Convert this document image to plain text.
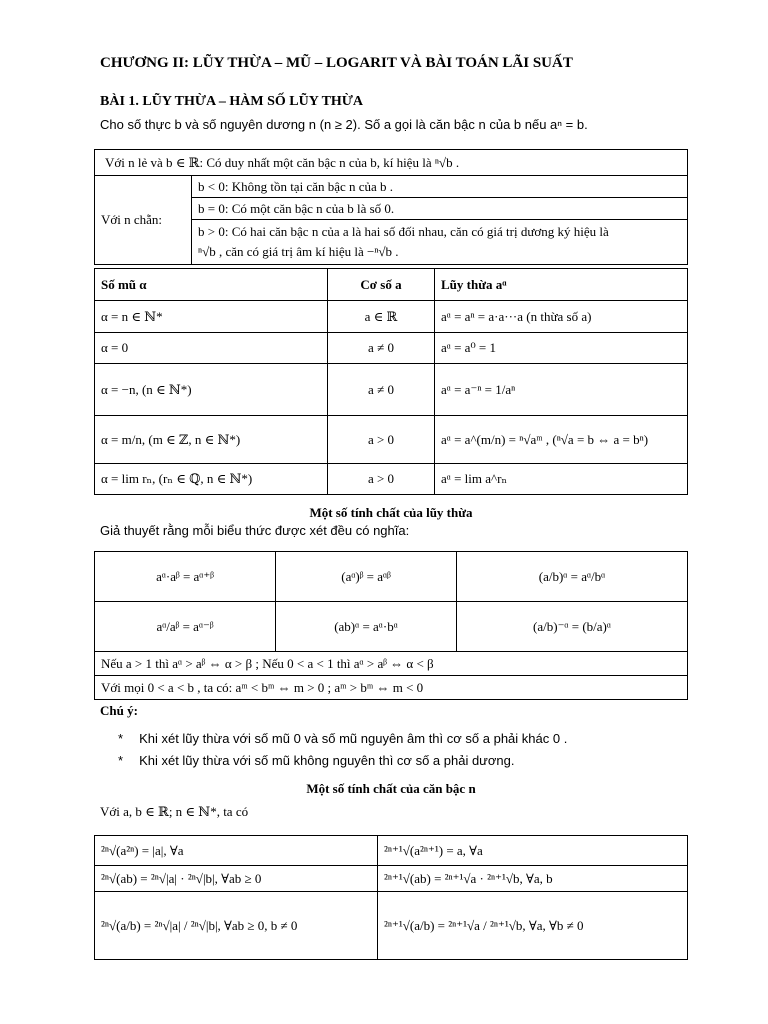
CHƯƠNG II: LŨY THỪA – MŨ – LOGARIT VÀ BÀI TOÁN LÃI SUẤT
BÀI 1. LŨY THỪA – HÀM SỐ LŨY THỪA
Cho số thực b và số nguyên dương n (n ≥ 2). Số a gọi là căn bậc n của b nếu aⁿ = b.
Với n lẻ và b ∈ ℝ: Có duy nhất một căn bậc n của b, kí hiệu là ⁿ√b .
Với n chẵn:	b < 0: Không tồn tại căn bậc n của b .
b = 0: Có một căn bậc n của b là số 0.
b > 0: Có hai căn bậc n của a là hai số đối nhau, căn có giá trị dương ký hiệu là
ⁿ√b , căn có giá trị âm kí hiệu là −ⁿ√b .
Số mũ α	Cơ số a	Lũy thừa aᵅ
α = n ∈ ℕ*	a ∈ ℝ	aᵅ = aⁿ = a·a···a (n thừa số a)
α = 0	a ≠ 0	aᵅ = a⁰ = 1
α = −n, (n ∈ ℕ*)	a ≠ 0	aᵅ = a⁻ⁿ = 1/aⁿ
α = m/n, (m ∈ ℤ, n ∈ ℕ*)	a > 0	aᵅ = a^(m/n) = ⁿ√aᵐ , (ⁿ√a = b ⇔ a = bⁿ)
α = lim rₙ, (rₙ ∈ ℚ, n ∈ ℕ*)	a > 0	aᵅ = lim a^rₙ
Một số tính chất của lũy thừa
Giả thuyết rằng mỗi biểu thức được xét đều có nghĩa:
aᵅ·aᵝ = aᵅ⁺ᵝ	(aᵅ)ᵝ = aᵅᵝ	(a/b)ᵅ = aᵅ/bᵅ
aᵅ/aᵝ = aᵅ⁻ᵝ	(ab)ᵅ = aᵅ·bᵅ	(a/b)⁻ᵅ = (b/a)ᵅ
Nếu a > 1 thì aᵅ > aᵝ ⇔ α > β ; Nếu 0 < a < 1 thì aᵅ > aᵝ ⇔ α < β		
Với mọi 0 < a < b , ta có: aᵐ < bᵐ ⇔ m > 0 ; aᵐ > bᵐ ⇔ m < 0		
Chú ý:
* Khi xét lũy thừa với số mũ 0 và số mũ nguyên âm thì cơ số a phải khác 0 .
* Khi xét lũy thừa với số mũ không nguyên thì cơ số a phải dương.
Một số tính chất của căn bậc n
Với a, b ∈ ℝ; n ∈ ℕ*, ta có
²ⁿ√(a²ⁿ) = |a|, ∀a	²ⁿ⁺¹√(a²ⁿ⁺¹) = a, ∀a
²ⁿ√(ab) = ²ⁿ√|a| · ²ⁿ√|b|, ∀ab ≥ 0	²ⁿ⁺¹√(ab) = ²ⁿ⁺¹√a · ²ⁿ⁺¹√b, ∀a, b
²ⁿ√(a/b) = ²ⁿ√|a| / ²ⁿ√|b|, ∀ab ≥ 0, b ≠ 0	²ⁿ⁺¹√(a/b) = ²ⁿ⁺¹√a / ²ⁿ⁺¹√b, ∀a, ∀b ≠ 0
